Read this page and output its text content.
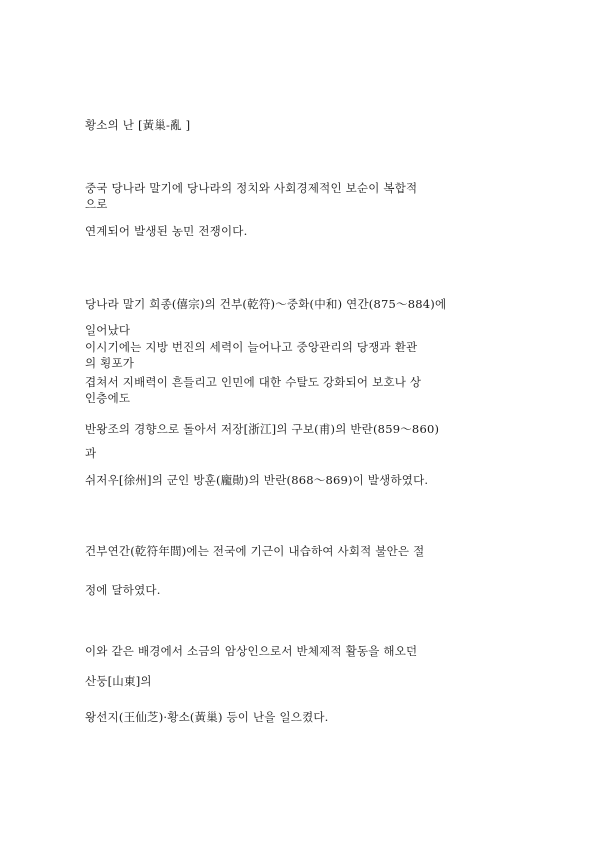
황소의 난 [黃巢-亂 ]
중국 당나라 말기에 당나라의 정치와 사회경제적인 보순이 복합적
으로
연계되어 발생된 농민 전쟁이다.
당나라 말기 희종(僖宗)의 건부(乾符)～중화(中和) 연간(875～884)에
일어났다
이시기에는 지방 번진의 세력이 늘어나고 중앙관리의 당쟁과 환관
의 횡포가
겹쳐서 지배력이 흔들리고 인민에 대한 수탈도 강화되어 보호나 상
인층에도
반왕조의 경향으로 돌아서 저장[浙江]의 구보(甫)의 반란(859～860)
과
쉬저우[徐州]의 군인 방훈(龐勛)의 반란(868～869)이 발생하였다.
건부연간(乾符年間)에는 전국에 기근이 내습하여 사회적 불안은 절
정에 달하였다.
이와 같은 배경에서 소금의 암상인으로서 반체제적 활동을 해오던
산둥[山東]의
왕선지(王仙芝)·황소(黃巢) 등이 난을 일으켰다.
